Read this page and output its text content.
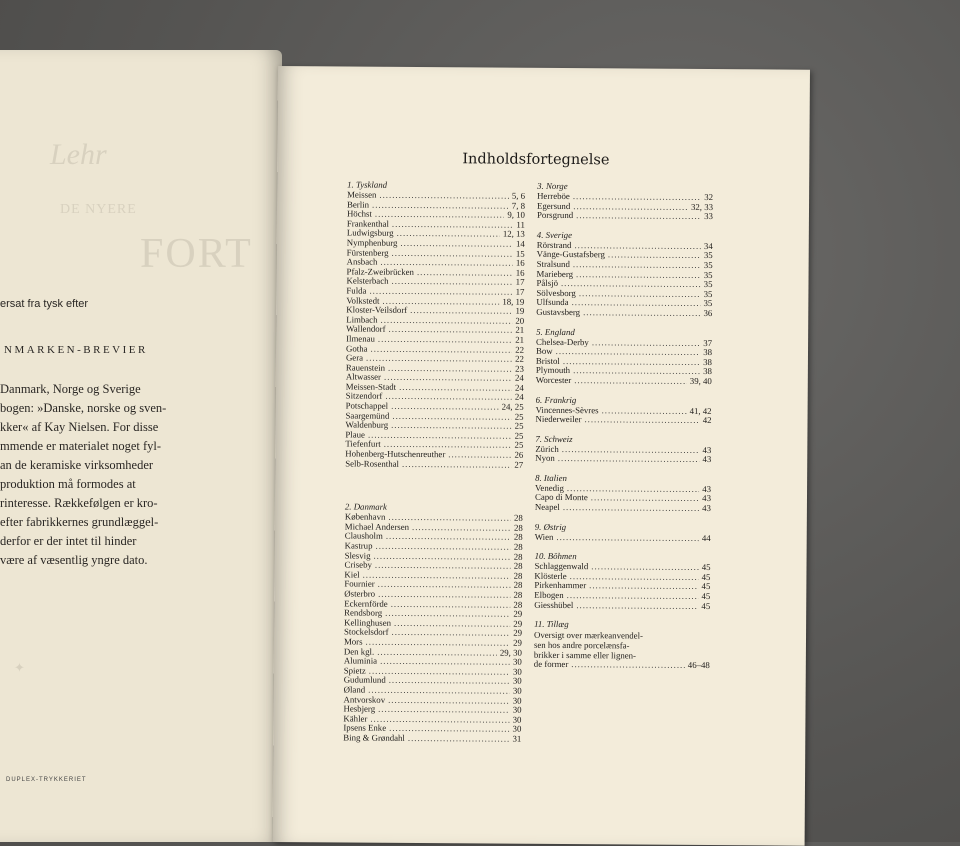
Lehr
DE NYERE
FORT
✦
ersat fra tysk efter
NMARKEN-BREVIER
Danmark, Norge og Sverige
bogen: »Danske, norske og sven-
kker« af Kay Nielsen. For disse
mmende er materialet noget fyl-
an de keramiske virksomheder
produktion må formodes at
rinteresse. Rækkefølgen er kro-
efter fabrikkernes grundlæggel-
derfor er der intet til hinder
være af væsentlig yngre dato.
DUPLEX-TRYKKERIET
Indholdsfortegnelse
1. Tyskland
Meissen .....	5, 6
Berlin .....	7, 8
Höchst .....	9, 10
Frankenthal .....	11
Ludwigsburg .....	12, 13
Nymphenburg .....	14
Fürstenberg .....	15
Ansbach .....	16
Pfalz-Zweibrücken .....	16
Kelsterbach .....	17
Fulda .....	17
Volkstedt .....	18, 19
Kloster-Veilsdorf .....	19
Limbach .....	20
Wallendorf .....	21
Ilmenau .....	21
Gotha .....	22
Gera .....	22
Rauenstein .....	23
Altwasser .....	24
Meissen-Stadt .....	24
Sitzendorf .....	24
Potschappel .....	24, 25
Saargemünd .....	25
Waldenburg .....	25
Plaue .....	25
Tiefenfurt .....	25
Hohenberg-Hutschenreuther .....	26
Selb-Rosenthal .....	27
2. Danmark
København .....	28
Michael Andersen .....	28
Clausholm .....	28
Kastrup .....	28
Slesvig .....	28
Criseby .....	28
Kiel .....	28
Fournier .....	28
Østerbro .....	28
Eckernförde .....	28
Rendsborg .....	29
Kellinghusen .....	29
Stockelsdorf .....	29
Mors .....	29
Den kgl. .....	29, 30
Aluminia .....	30
Spietz .....	30
Gudumlund .....	30
Øland .....	30
Antvorskov .....	30
Hesbjerg .....	30
Kähler .....	30
Ipsens Enke .....	30
Bing & Grøndahl .....	31
3. Norge
Herreböe .....	32
Egersund .....	32, 33
Porsgrund .....	33
4. Sverige
Rörstrand .....	34
Vänge-Gustafsberg .....	35
Stralsund .....	35
Marieberg .....	35
Pålsjö .....	35
Sölvesborg .....	35
Ulfsunda .....	35
Gustavsberg .....	36
5. England
Chelsea-Derby .....	37
Bow .....	38
Bristol .....	38
Plymouth .....	38
Worcester .....	39, 40
6. Frankrig
Vincennes-Sèvres .....	41, 42
Niederweiler .....	42
7. Schweiz
Zürich .....	43
Nyon .....	43
8. Italien
Venedig .....	43
Capo di Monte .....	43
Neapel .....	43
9. Østrig
Wien .....	44
10. Böhmen
Schlaggenwald .....	45
Klösterle .....	45
Pirkenhammer .....	45
Elbogen .....	45
Giesshübel .....	45
11. Tillæg
Oversigt over mærkeanvendel-
sen hos andre porcelænsfa-
brikker i samme eller lignen-
de former .....	46–48
